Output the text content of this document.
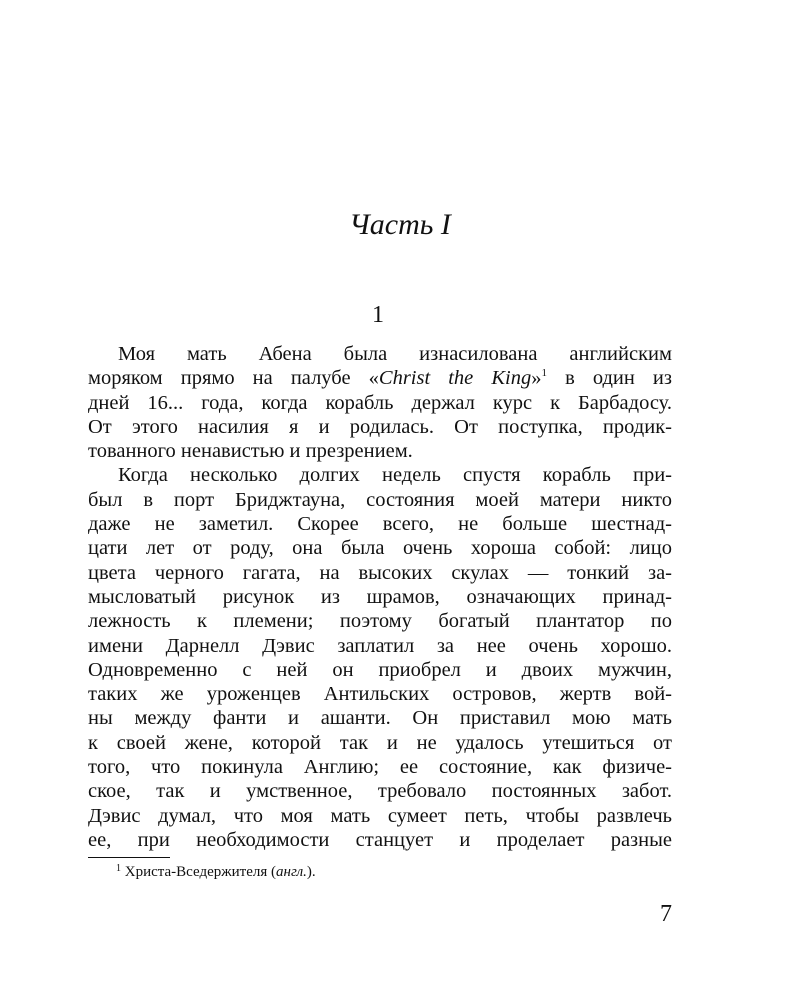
Часть I
1
Моя мать Абена была изнасилована английским
моряком прямо на палубе «Christ the King»$^1$ в один из
дней 16... года, когда корабль держал курс к Барбадосу.
От этого насилия я и родилась. От поступка, продик-
тованного ненавистью и презрением.
Когда несколько долгих недель спустя корабль при-
был в порт Бриджтауна, состояния моей матери никто
даже не заметил. Скорее всего, не больше шестнад-
цати лет от роду, она была очень хороша собой: лицо
цвета черного гагата, на высоких скулах — тонкий за-
мысловатый рисунок из шрамов, означающих принад-
лежность к племени; поэтому богатый плантатор по
имени Дарнелл Дэвис заплатил за нее очень хорошо.
Одновременно с ней он приобрел и двоих мужчин,
таких же уроженцев Антильских островов, жертв вой-
ны между фанти и ашанти. Он приставил мою мать
к своей жене, которой так и не удалось утешиться от
того, что покинула Англию; ее состояние, как физиче-
ское, так и умственное, требовало постоянных забот.
Дэвис думал, что моя мать сумеет петь, чтобы развлечь
ее, при необходимости станцует и проделает разные
$^1$ Христа-Вседержителя (англ.).
7
